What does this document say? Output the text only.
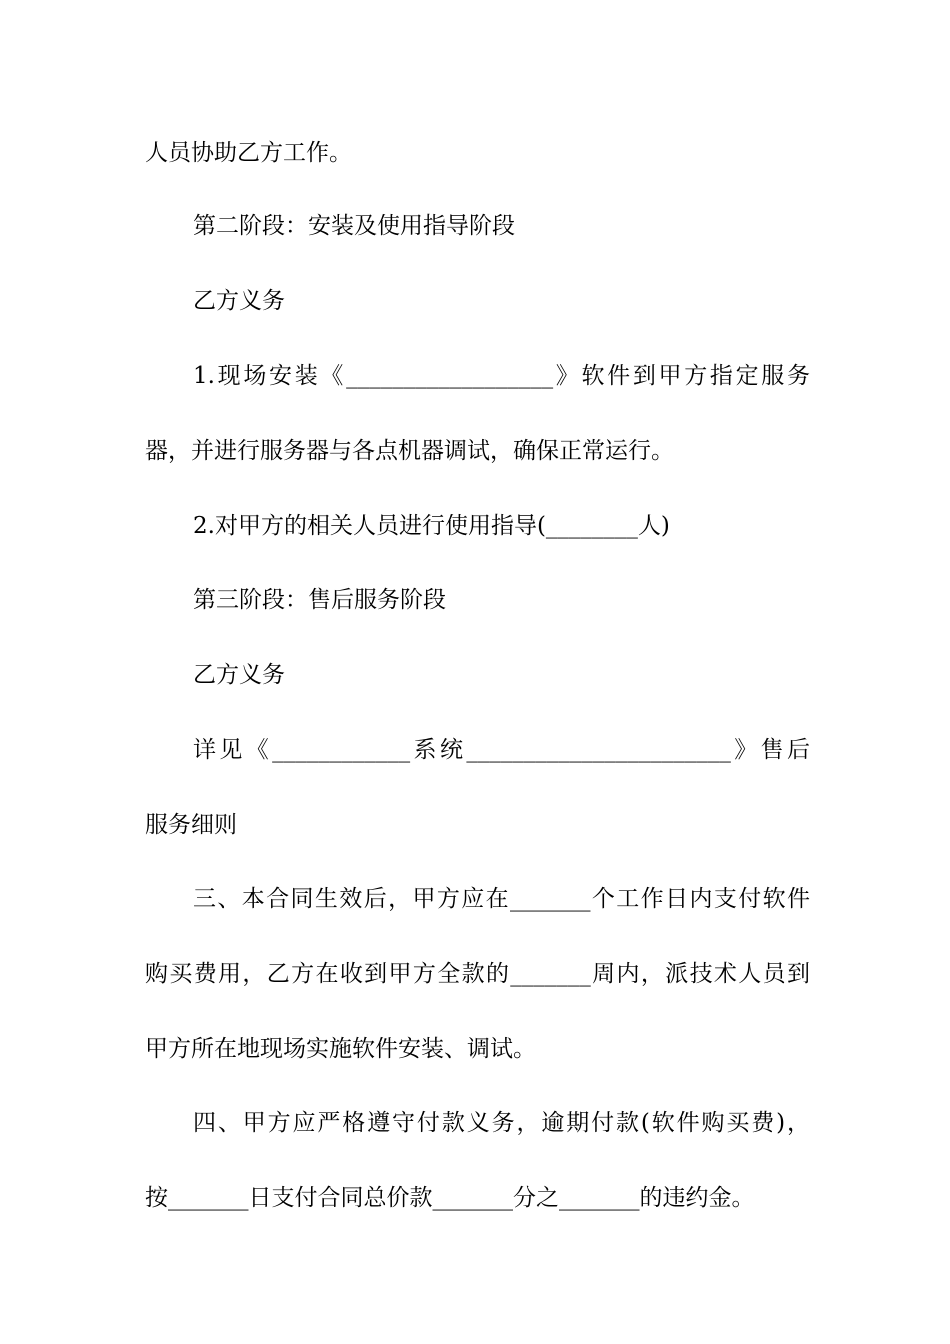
人员协助乙方工作。
第二阶段：安装及使用指导阶段
乙方义务
1.现场安装《__________________》软件到甲方指定服务
器，并进行服务器与各点机器调试，确保正常运行。
2.对甲方的相关人员进行使用指导(________人)
第三阶段：售后服务阶段
乙方义务
详见《____________系统_______________________》售后
服务细则
三、本合同生效后，甲方应在_______个工作日内支付软件
购买费用，乙方在收到甲方全款的_______周内，派技术人员到
甲方所在地现场实施软件安装、调试。
四、甲方应严格遵守付款义务，逾期付款(软件购买费)，
按_______日支付合同总价款_______分之_______的违约金。
